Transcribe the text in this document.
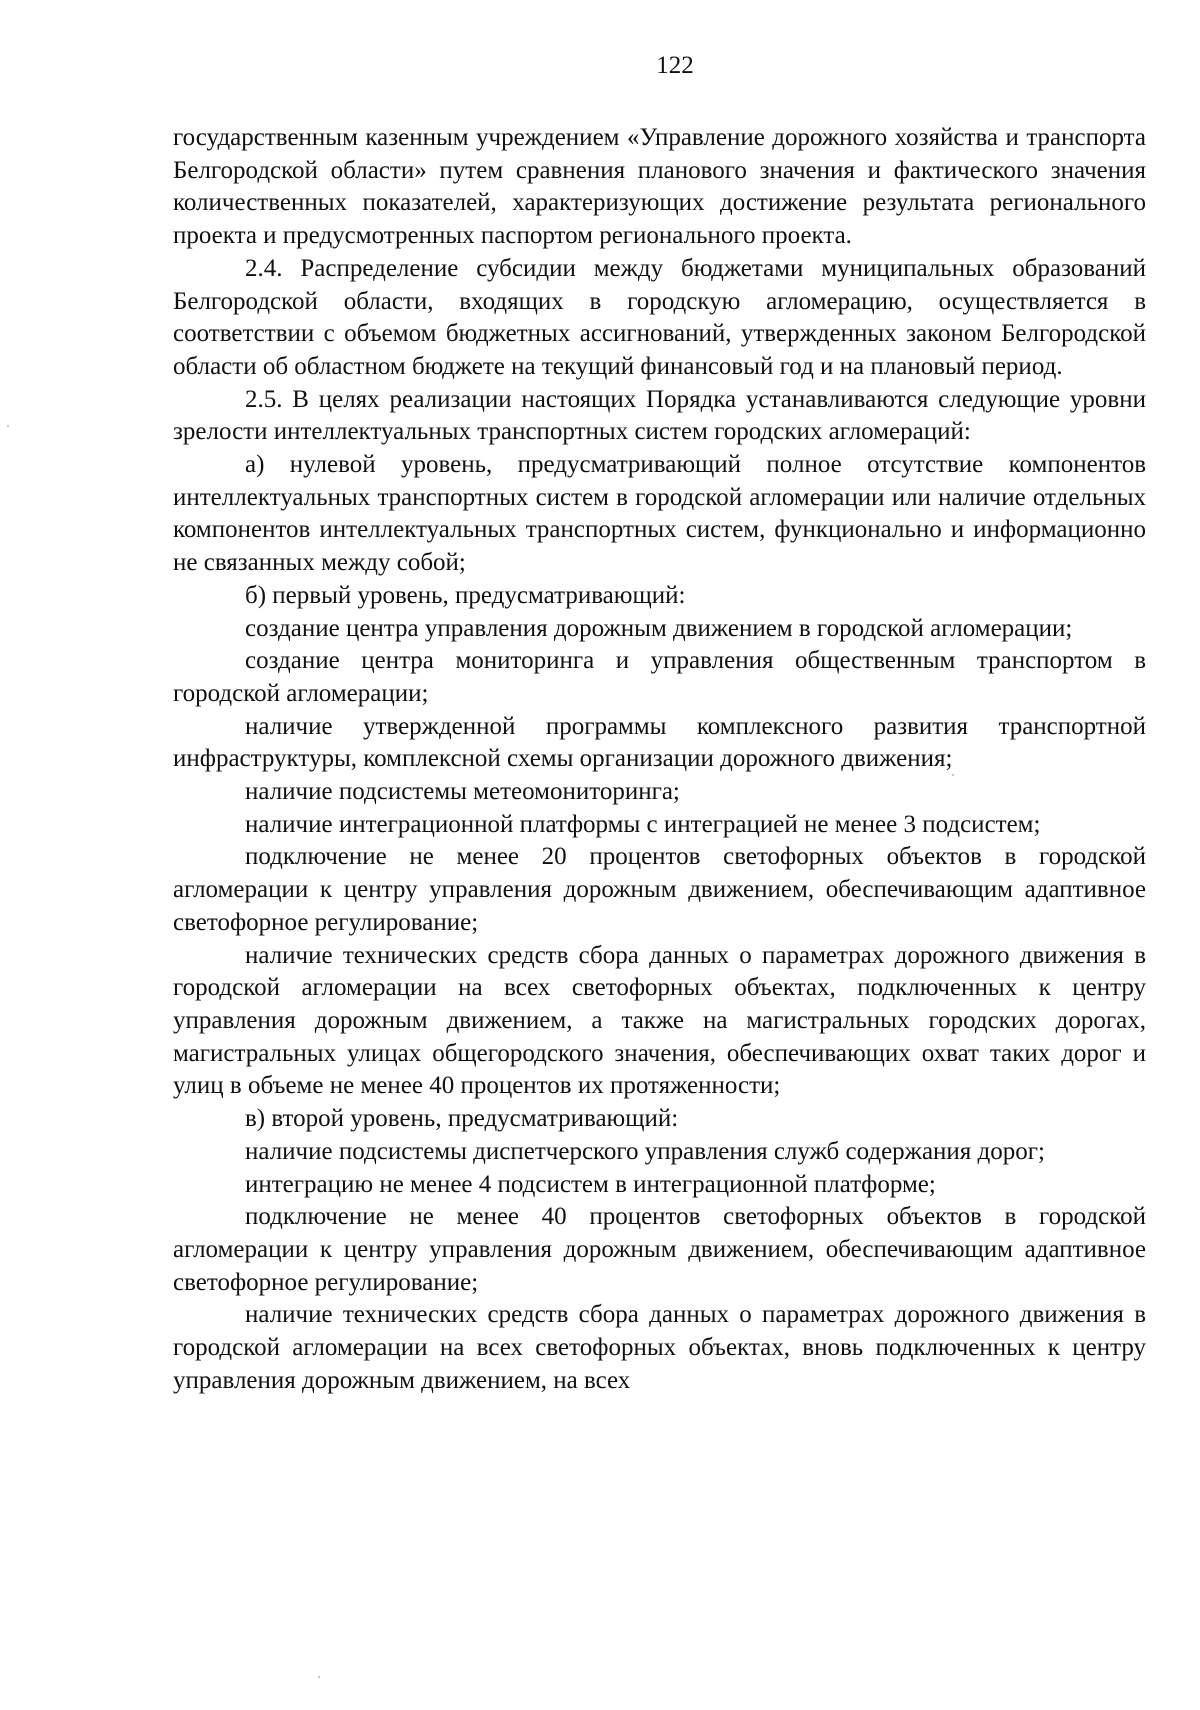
122

государственным казенным учреждением «Управление дорожного хозяйства и транспорта Белгородской области» путем сравнения планового значения и фактического значения количественных показателей, характеризующих достижение результата регионального проекта и предусмотренных паспортом регионального проекта.

2.4. Распределение субсидии между бюджетами муниципальных образований Белгородской области, входящих в городскую агломерацию, осуществляется в соответствии с объемом бюджетных ассигнований, утвержденных законом Белгородской области об областном бюджете на текущий финансовый год и на плановый период.

2.5. В целях реализации настоящих Порядка устанавливаются следующие уровни зрелости интеллектуальных транспортных систем городских агломераций:

а) нулевой уровень, предусматривающий полное отсутствие компонентов интеллектуальных транспортных систем в городской агломерации или наличие отдельных компонентов интеллектуальных транспортных систем, функционально и информационно не связанных между собой;

б) первый уровень, предусматривающий:

создание центра управления дорожным движением в городской агломерации;

создание центра мониторинга и управления общественным транспортом в городской агломерации;

наличие утвержденной программы комплексного развития транспортной инфраструктуры, комплексной схемы организации дорожного движения;

наличие подсистемы метеомониторинга;

наличие интеграционной платформы с интеграцией не менее 3 подсистем;

подключение не менее 20 процентов светофорных объектов в городской агломерации к центру управления дорожным движением, обеспечивающим адаптивное светофорное регулирование;

наличие технических средств сбора данных о параметрах дорожного движения в городской агломерации на всех светофорных объектах, подключенных к центру управления дорожным движением, а также на магистральных городских дорогах, магистральных улицах общегородского значения, обеспечивающих охват таких дорог и улиц в объеме не менее 40 процентов их протяженности;

в) второй уровень, предусматривающий:

наличие подсистемы диспетчерского управления служб содержания дорог;

интеграцию не менее 4 подсистем в интеграционной платформе;

подключение не менее 40 процентов светофорных объектов в городской агломерации к центру управления дорожным движением, обеспечивающим адаптивное светофорное регулирование;

наличие технических средств сбора данных о параметрах дорожного движения в городской агломерации на всех светофорных объектах, вновь подключенных к центру управления дорожным движением, на всех
